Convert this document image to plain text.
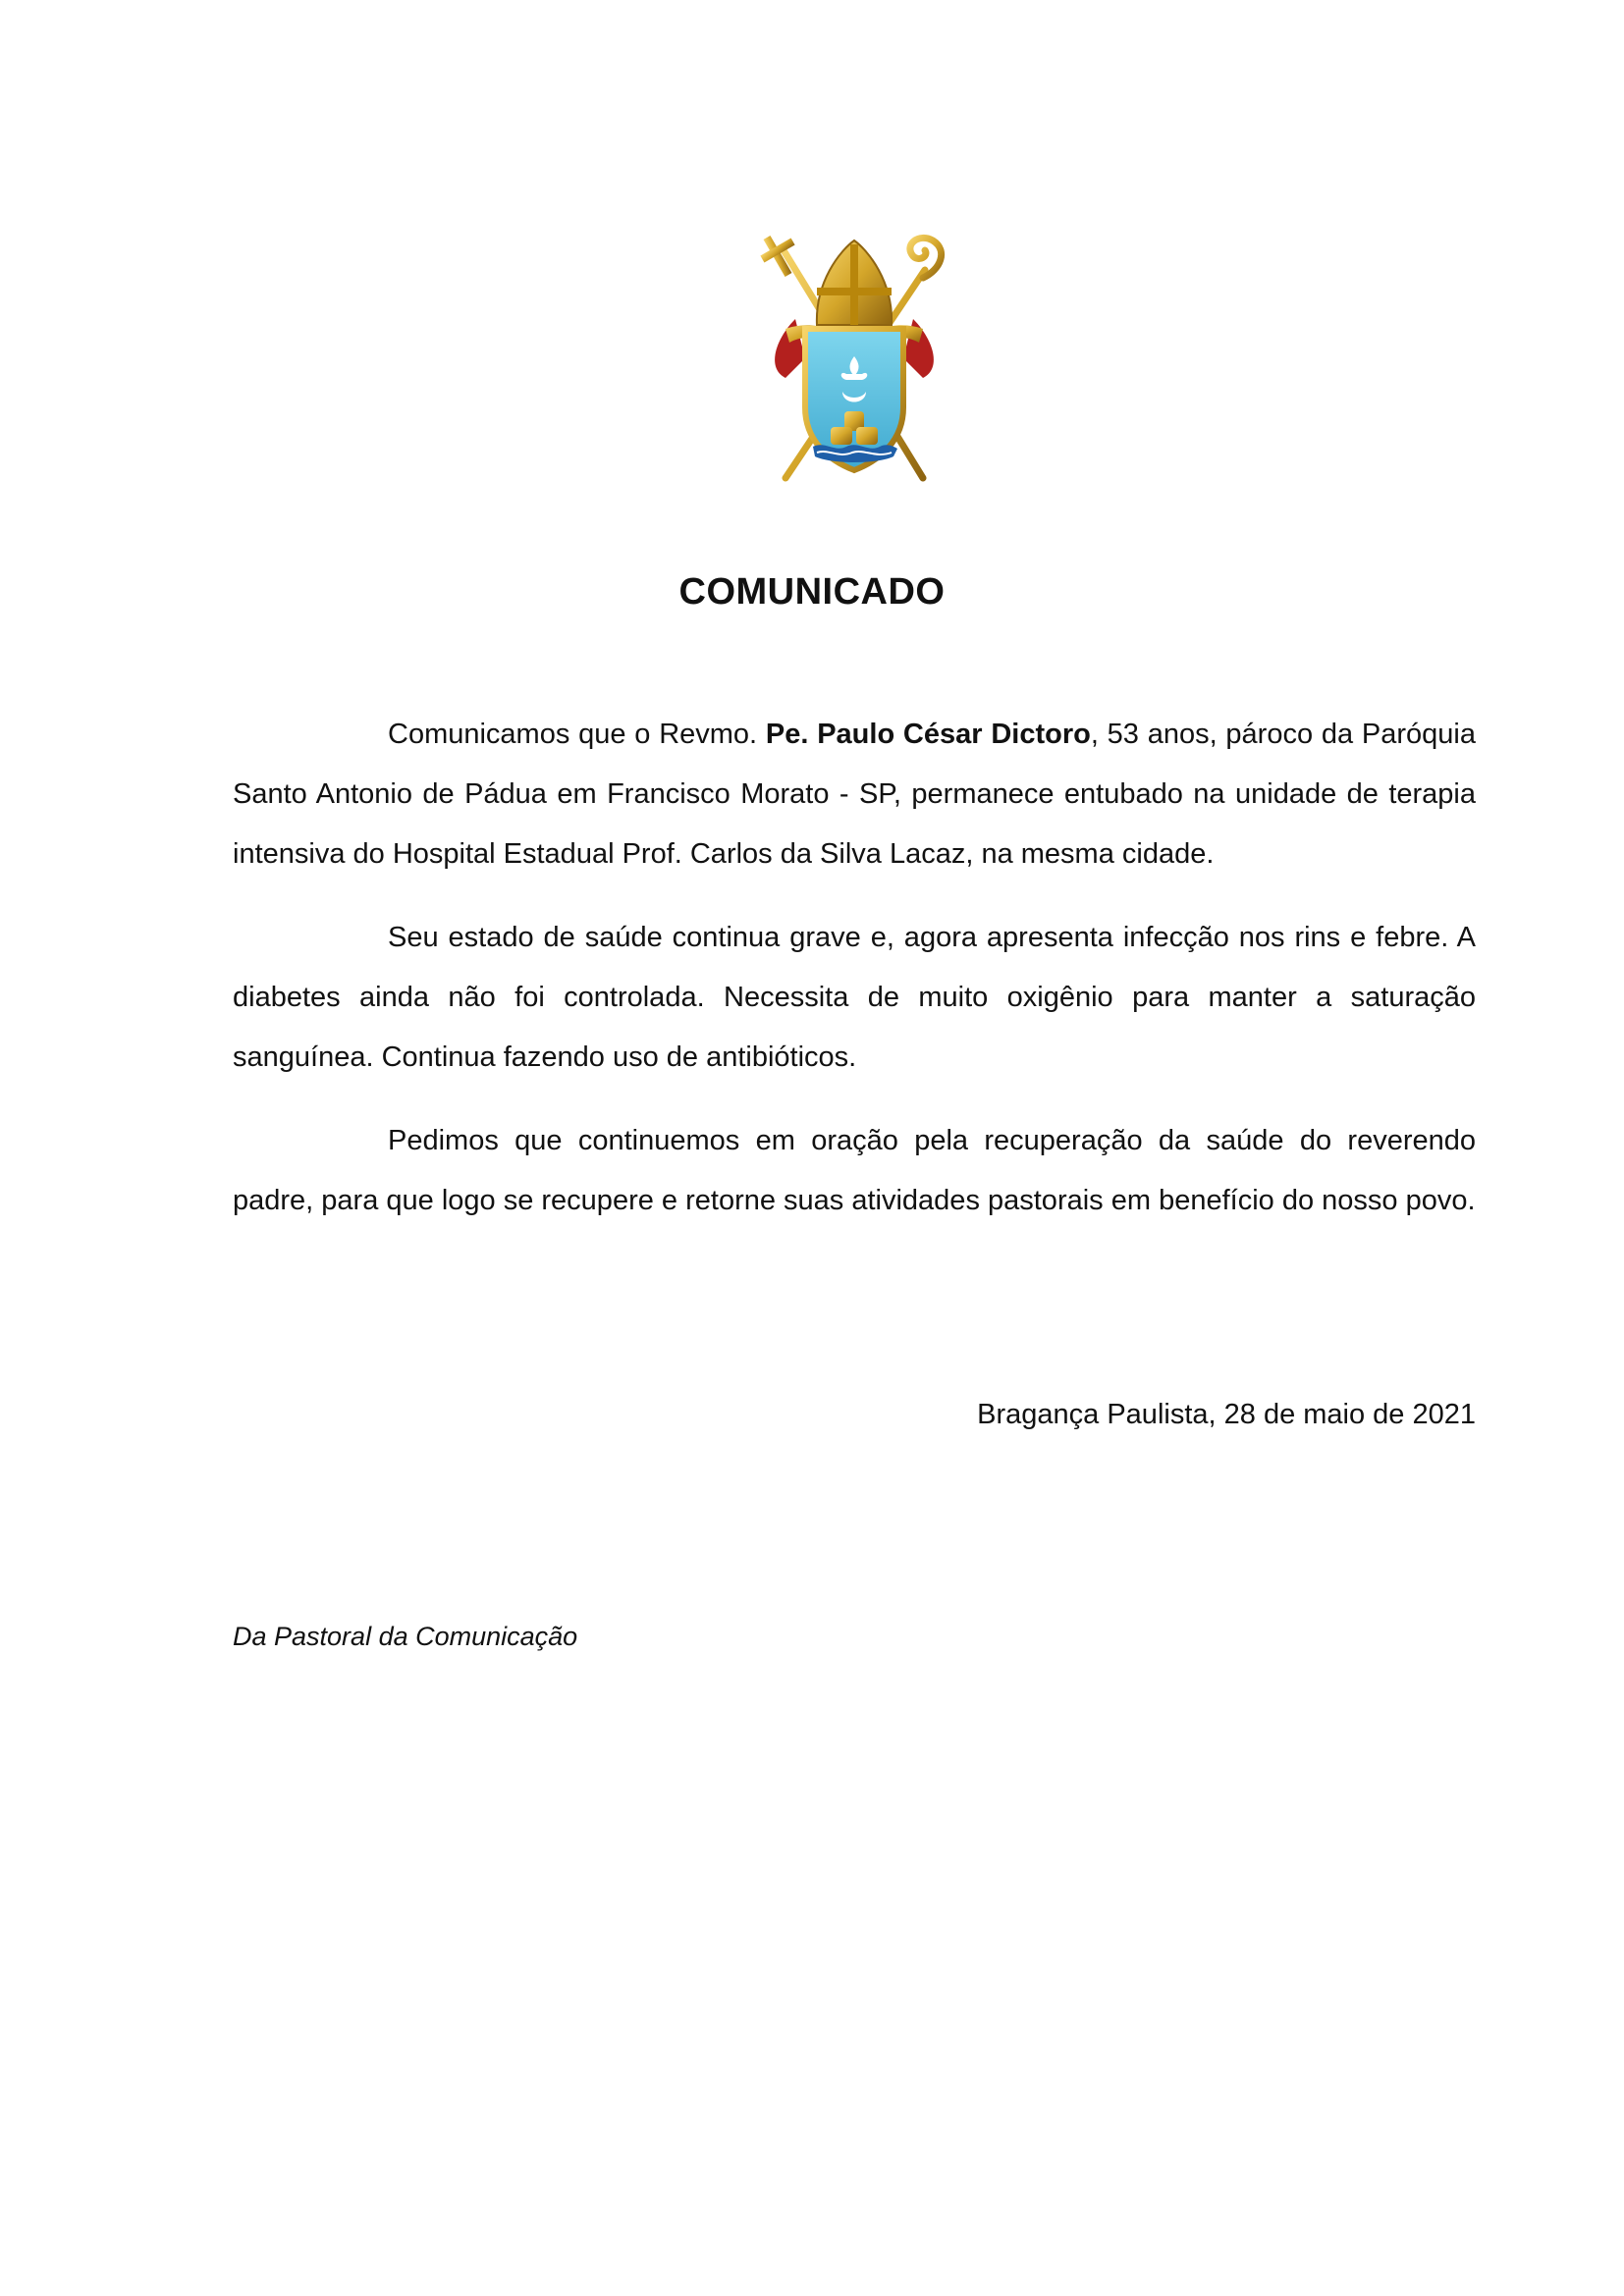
COMUNICADO

Comunicamos que o Revmo. Pe. Paulo César Dictoro, 53 anos, pároco da Paróquia Santo Antonio de Pádua em Francisco Morato - SP, permanece entubado na unidade de terapia intensiva do Hospital Estadual Prof. Carlos da Silva Lacaz, na mesma cidade.

Seu estado de saúde continua grave e, agora apresenta infecção nos rins e febre. A diabetes ainda não foi controlada. Necessita de muito oxigênio para manter a saturação sanguínea. Continua fazendo uso de antibióticos.

Pedimos que continuemos em oração pela recuperação da saúde do reverendo padre, para que logo se recupere e retorne suas atividades pastorais em benefício do nosso povo.

Bragança Paulista, 28 de maio de 2021
Da Pastoral da Comunicação
